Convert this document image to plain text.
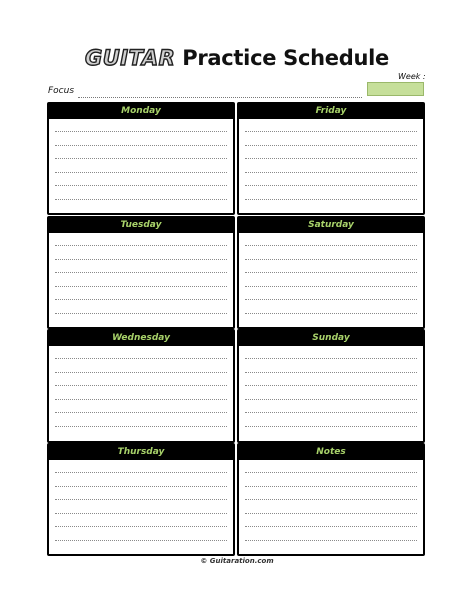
GUITAR Practice Schedule
Week :
Focus
Monday	Friday
Tuesday	Saturday
Wednesday	Sunday
Thursday	Notes
© Guitaration.com
